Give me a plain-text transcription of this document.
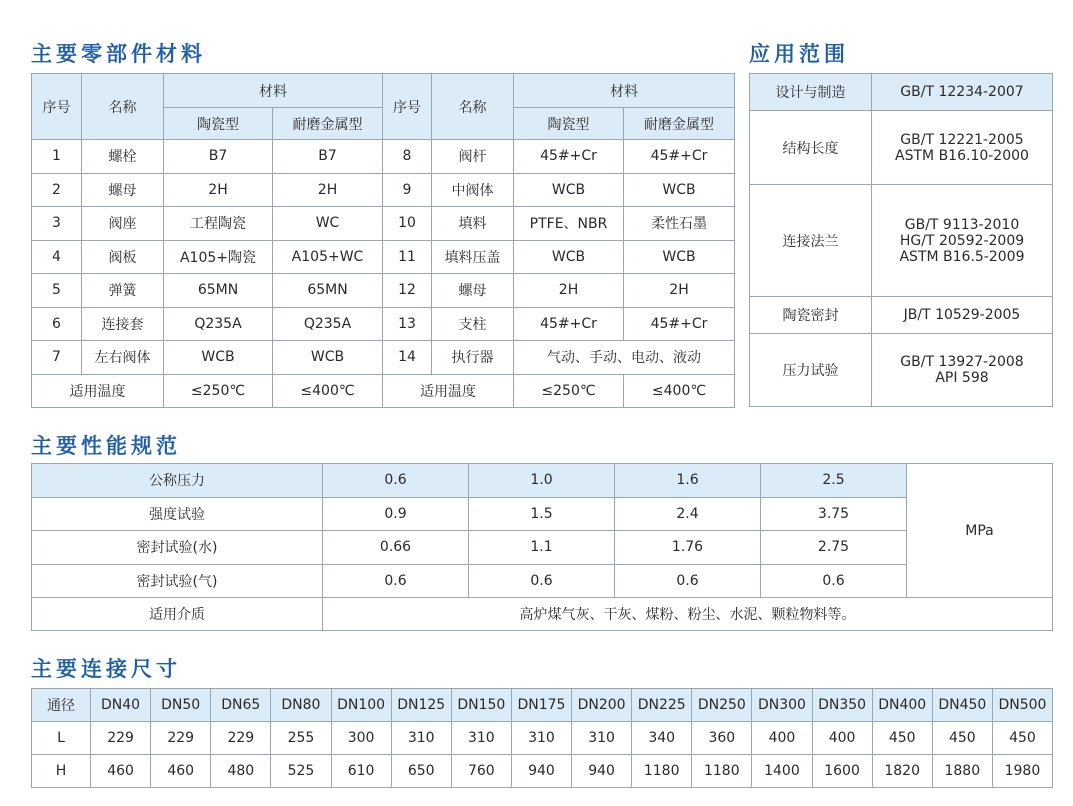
主要零部件材料	应用范围
主要性能规范
主要连接尺寸
序号	名称	材料		序号	名称	材料	
		陶瓷型	耐磨金属型			陶瓷型	耐磨金属型
1	螺栓	B7	B7	8	阀杆	45#+Cr	45#+Cr
2	螺母	2H	2H	9	中阀体	WCB	WCB
3	阀座	工程陶瓷	WC	10	填料	PTFE、NBR	柔性石墨
4	阀板	A105+陶瓷	A105+WC	11	填料压盖	WCB	WCB
5	弹簧	65MN	65MN	12	螺母	2H	2H
6	连接套	Q235A	Q235A	13	支柱	45#+Cr	45#+Cr
7	左右阀体	WCB	WCB	14	执行器	气动、手动、电动、液动	
适用温度		≤250℃	≤400℃	适用温度		≤250℃	≤400℃
设计与制造	GB/T 12234-2007

结构长度	GB/T 12221-2005
ASTM B16.10-2000

连接法兰	GB/T 9113-2010
HG/T 20592-2009
ASTM B16.5-2009

陶瓷密封	JB/T 10529-2005

压力试验	GB/T 13927-2008
API 598
公称压力	0.6	1.0	1.6	2.5	MPa
强度试验	0.9	1.5	2.4	3.75	
密封试验(水)	0.66	1.1	1.76	2.75	
密封试验(气)	0.6	0.6	0.6	0.6	
适用介质	高炉煤气灰、干灰、煤粉、粉尘、水泥、颗粒物料等。				
通径	DN40	DN50	DN65	DN80	DN100	DN125	DN150	DN175	DN200	DN225	DN250	DN300	DN350	DN400	DN450	DN500
L	229	229	229	255	300	310	310	310	310	340	360	400	400	450	450	450
H	460	460	480	525	610	650	760	940	940	1180	1180	1400	1600	1820	1880	1980
